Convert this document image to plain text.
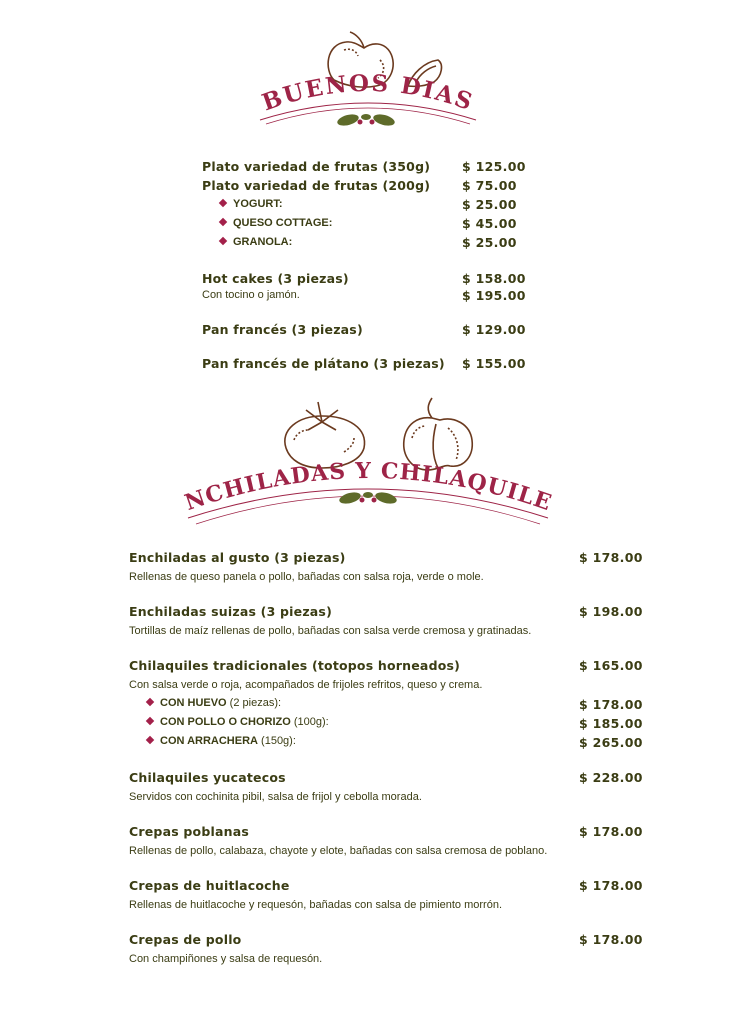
BUENOS DIAS
Plato variedad de frutas (350g)	$ 125.00
Plato variedad de frutas (200g)	$ 75.00
YOGURT:	$ 25.00
QUESO COTTAGE:	$ 45.00
GRANOLA:	$ 25.00
Hot cakes (3 piezas)	$ 158.00
Con tocino o jamón.	$ 195.00
Pan francés (3 piezas)	$ 129.00
Pan francés de plátano (3 piezas) $ 155.00
ENCHILADAS Y CHILAQUILES
Enchiladas al gusto (3 piezas)	$ 178.00
Rellenas de queso panela o pollo, bañadas con salsa roja, verde o mole.
Enchiladas suizas (3 piezas)	$ 198.00
Tortillas de maíz rellenas de pollo, bañadas con salsa verde cremosa y gratinadas.
Chilaquiles tradicionales (totopos horneados)	$ 165.00
Con salsa verde o roja, acompañados de frijoles refritos, queso y crema.
CON HUEVO (2 piezas):	$ 178.00
CON POLLO O CHORIZO (100g):	$ 185.00
CON ARRACHERA (150g):	$ 265.00
Chilaquiles yucatecos	$ 228.00
Servidos con cochinita pibil, salsa de frijol y cebolla morada.
Crepas poblanas	$ 178.00
Rellenas de pollo, calabaza, chayote y elote, bañadas con salsa cremosa de poblano.
Crepas de huitlacoche	$ 178.00
Rellenas de huitlacoche y requesón, bañadas con salsa de pimiento morrón.
Crepas de pollo	$ 178.00
Con champiñones y salsa de requesón.
